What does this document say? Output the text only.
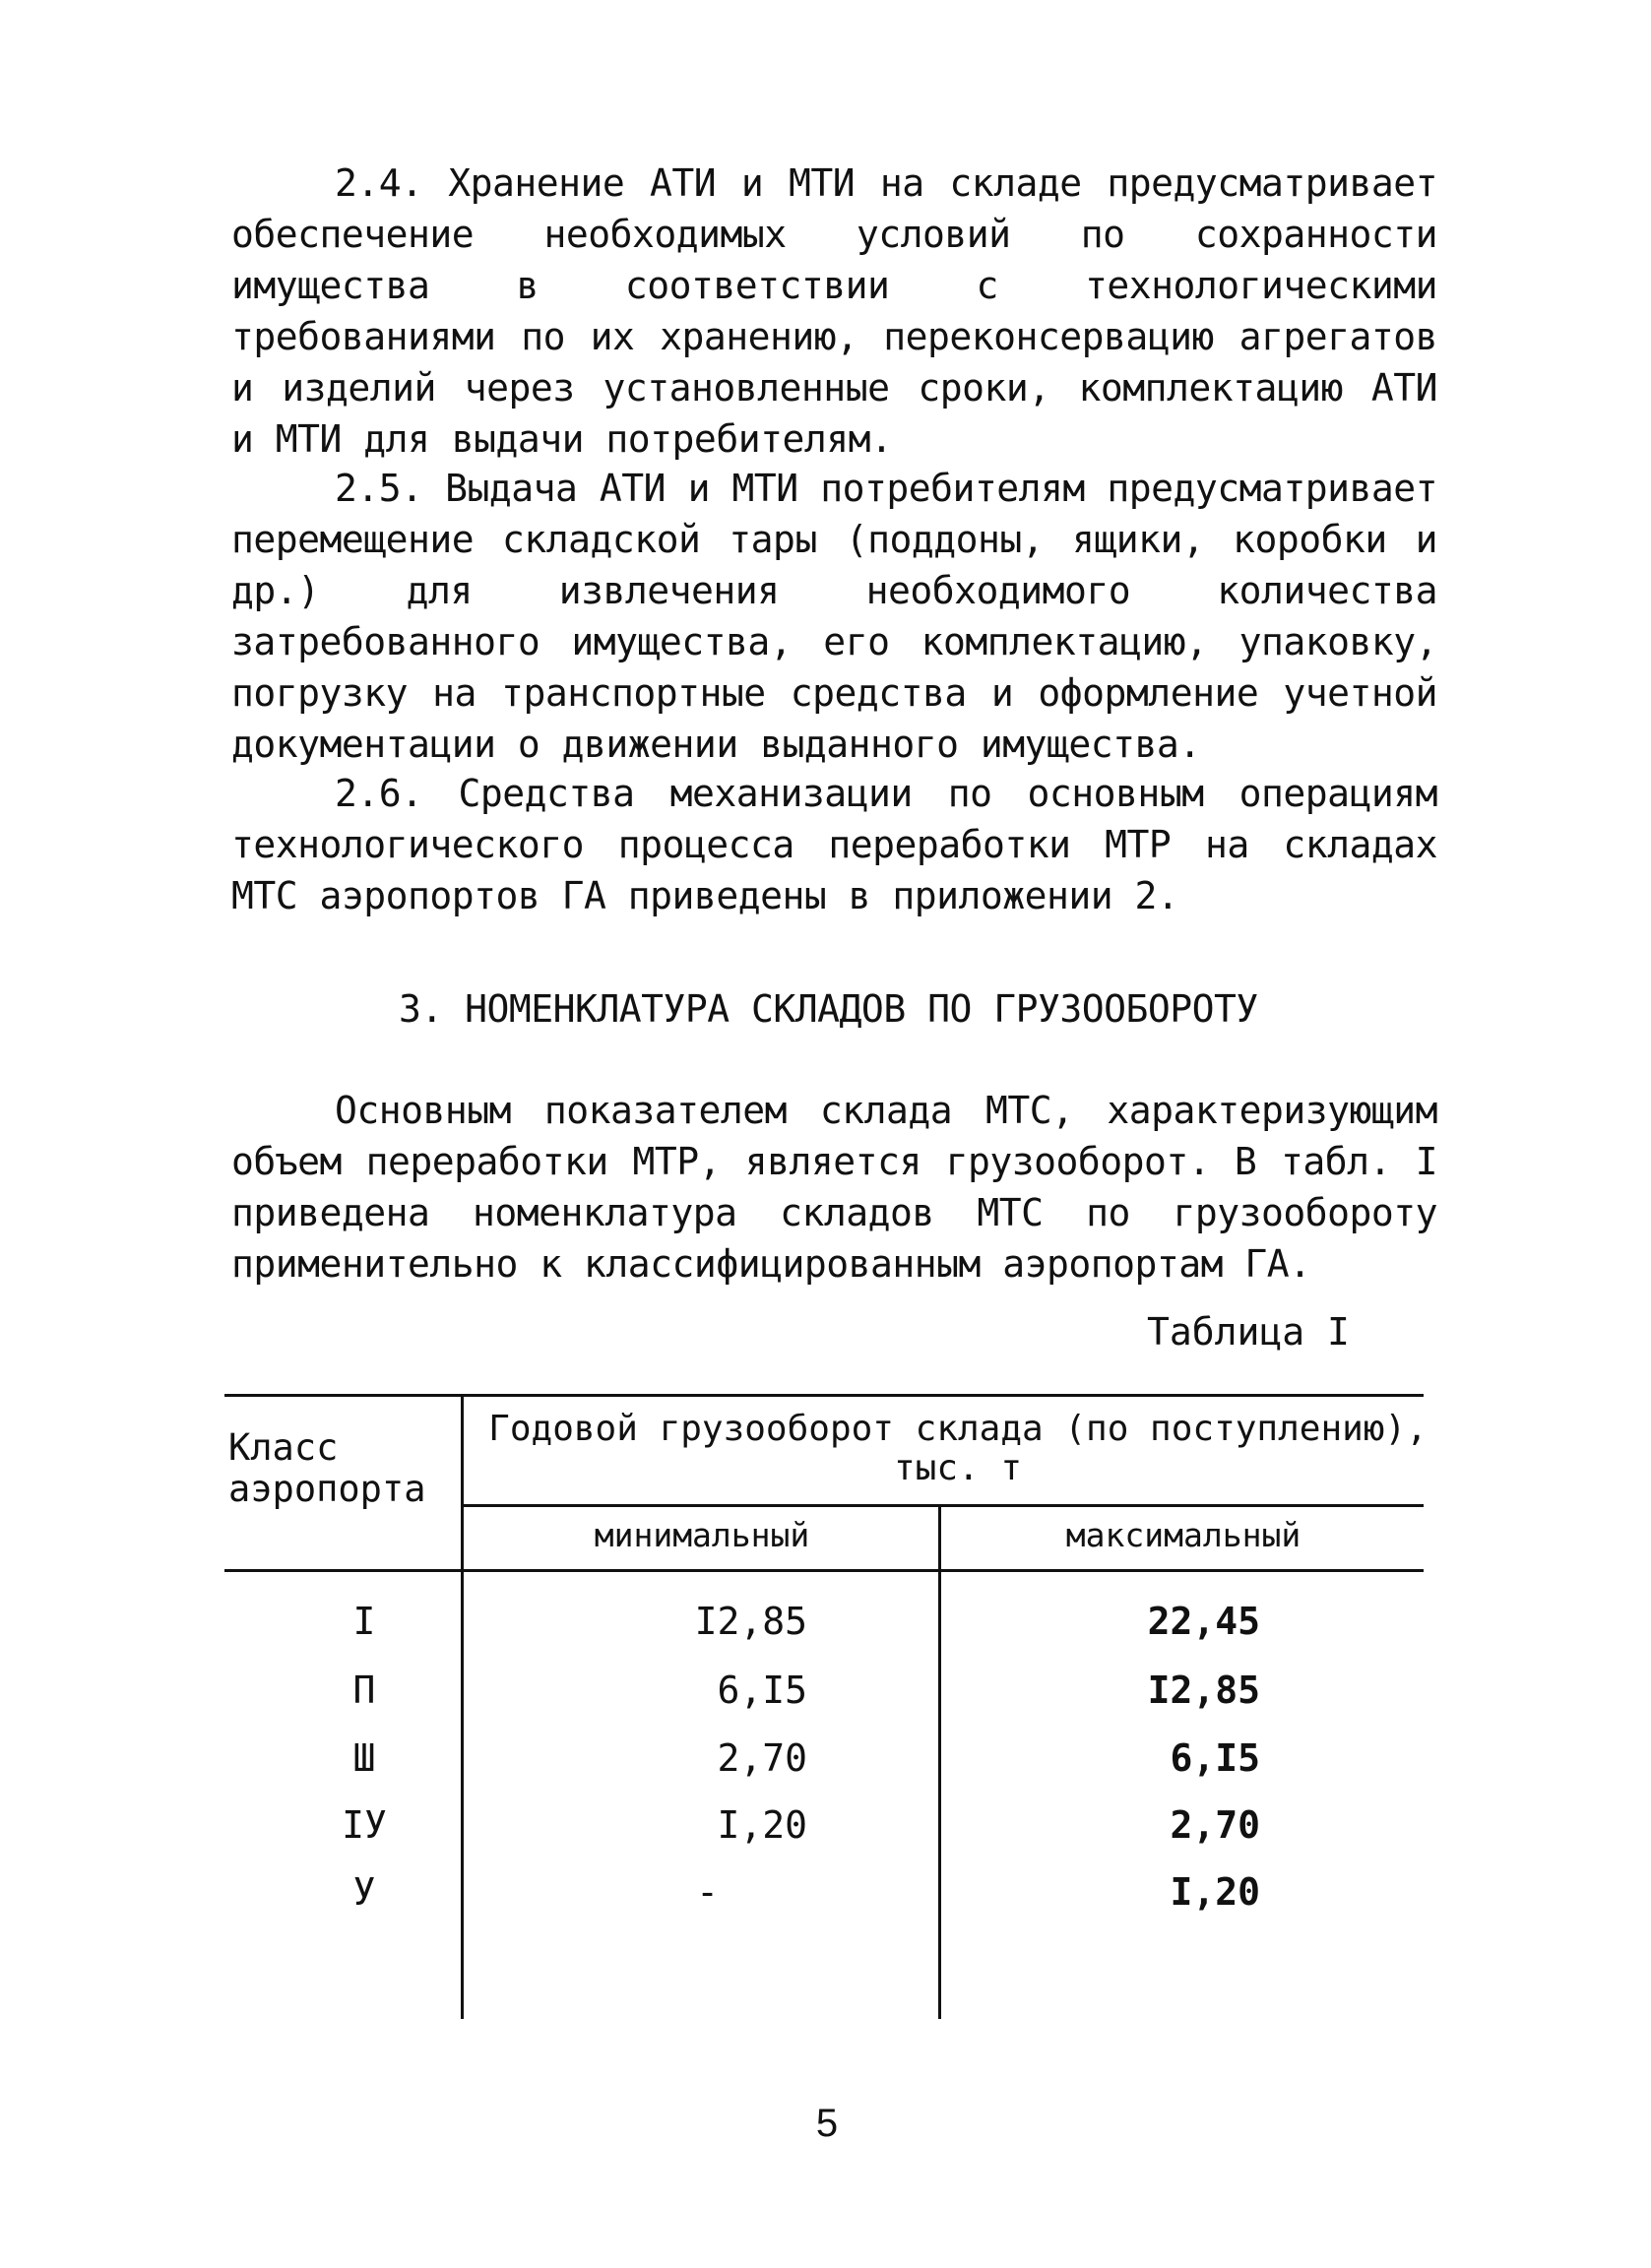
2.4. Хранение АТИ и МТИ на складе предусматривает обеспечение необходимых условий по сохранности имущества в соответствии с технологическими требованиями по их хранению, переконсервацию агрегатов и изделий через установленные сроки, комплектацию АТИ и МТИ для выдачи потребителям.

2.5. Выдача АТИ и МТИ потребителям предусматривает перемещение складской тары (поддоны, ящики, коробки и др.) для извлечения необходимого количества затребованного имущества, его комплектацию, упаковку, погрузку на транспортные средства и оформление учетной документации о движении выданного имущества.

2.6. Средства механизации по основным операциям технологического процесса переработки МТР на складах МТС аэропортов ГА приведены в приложении 2.

3. НОМЕНКЛАТУРА СКЛАДОВ ПО ГРУЗООБОРОТУ

Основным показателем склада МТС, характеризующим объем переработки МТР, является грузооборот. В табл. I приведена номенклатура складов МТС по грузообороту применительно к классифицированным аэропортам ГА.

Таблица I
Класс аэропорта
Годовой грузооборот склада (по поступлению),
тыс. т
минимальный	максимальный
I	I2,85	22,45
П	6,I5	I2,85
Ш	2,70	6,I5
IУ	I,20	2,70
У	-	I,20
5
